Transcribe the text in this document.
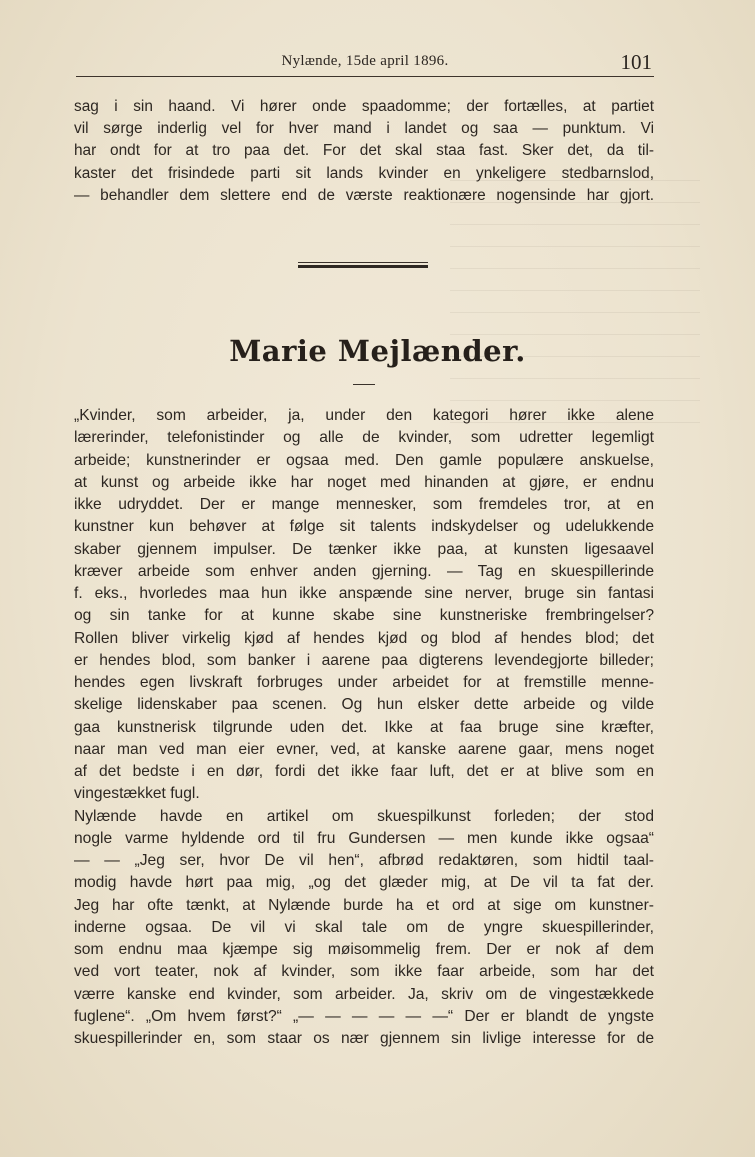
Nylænde, 15de april 1896.	101
sag i sin haand. Vi hører onde spaadomme; der fortælles, at partiet
vil sørge inderlig vel for hver mand i landet og saa — punktum. Vi
har ondt for at tro paa det. For det skal staa fast. Sker det, da til-
kaster det frisindede parti sit lands kvinder en ynkeligere stedbarnslod,
— behandler dem slettere end de værste reaktionære nogensinde har gjort.
Marie Mejlænder.
„Kvinder, som arbeider, ja, under den kategori hører ikke alene
lærerinder, telefonistinder og alle de kvinder, som udretter legemligt
arbeide; kunstnerinder er ogsaa med. Den gamle populære anskuelse,
at kunst og arbeide ikke har noget med hinanden at gjøre, er endnu
ikke udryddet. Der er mange mennesker, som fremdeles tror, at en
kunstner kun behøver at følge sit talents indskydelser og udelukkende
skaber gjennem impulser. De tænker ikke paa, at kunsten ligesaavel
kræver arbeide som enhver anden gjerning. — Tag en skuespillerinde
f. eks., hvorledes maa hun ikke anspænde sine nerver, bruge sin fantasi
og sin tanke for at kunne skabe sine kunstneriske frembringelser?
Rollen bliver virkelig kjød af hendes kjød og blod af hendes blod; det
er hendes blod, som banker i aarene paa digterens levendegjorte billeder;
hendes egen livskraft forbruges under arbeidet for at fremstille menne-
skelige lidenskaber paa scenen. Og hun elsker dette arbeide og vilde
gaa kunstnerisk tilgrunde uden det. Ikke at faa bruge sine kræfter,
naar man ved man eier evner, ved, at kanske aarene gaar, mens noget
af det bedste i en dør, fordi det ikke faar luft, det er at blive som en
vingestækket fugl.
Nylænde havde en artikel om skuespilkunst forleden; der stod
nogle varme hyldende ord til fru Gundersen — men kunde ikke ogsaa“
— — „Jeg ser, hvor De vil hen“, afbrød redaktøren, som hidtil taal-
modig havde hørt paa mig, „og det glæder mig, at De vil ta fat der.
Jeg har ofte tænkt, at Nylænde burde ha et ord at sige om kunstner-
inderne ogsaa. De vil vi skal tale om de yngre skuespillerinder,
som endnu maa kjæmpe sig møisommelig frem. Der er nok af dem
ved vort teater, nok af kvinder, som ikke faar arbeide, som har det
værre kanske end kvinder, som arbeider. Ja, skriv om de vingestækkede
fuglene“. „Om hvem først?“ „— — — — — —“ Der er blandt de yngste
skuespillerinder en, som staar os nær gjennem sin livlige interesse for de
